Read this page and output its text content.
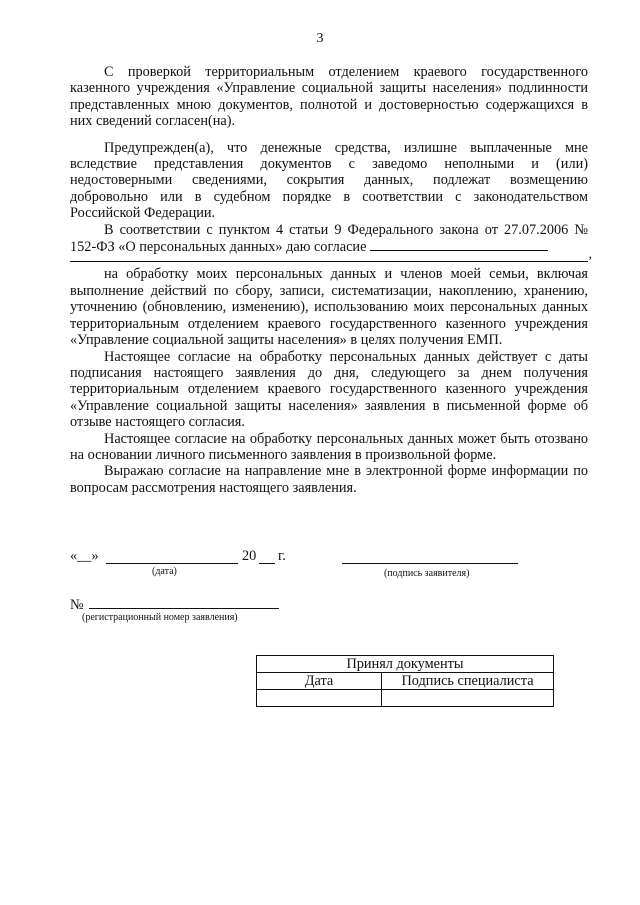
3

С проверкой территориальным отделением краевого государственного казенного учреждения «Управление социальной защиты населения» подлинности представленных мною документов, полнотой и достоверностью содержащихся в них сведений согласен(на).

Предупрежден(а), что денежные средства, излишне выплаченные мне вследствие представления документов с заведомо неполными и (или) недостоверными сведениями, сокрытия данных, подлежат возмещению добровольно или в судебном порядке в соответствии с законодательством Российской Федерации.

В соответствии с пунктом 4 статьи 9 Федерального закона от 27.07.2006 № 152-ФЗ «О персональных данных» даю согласие	,

на обработку моих персональных данных и членов моей семьи, включая выполнение действий по сбору, записи, систематизации, накоплению, хранению, уточнению (обновлению, изменению), использованию моих персональных данных территориальным отделением краевого государственного казенного учреждения «Управление социальной защиты населения» в целях получения ЕМП.

Настоящее согласие на обработку персональных данных действует с даты подписания настоящего заявления до дня, следующего за днем получения территориальным отделением краевого государственного казенного учреждения «Управление социальной защиты населения» заявления в письменной форме об отзыве настоящего согласия.

Настоящее согласие на обработку персональных данных может быть отозвано на основании личного письменного заявления в произвольной форме.

Выражаю согласие на направление мне в электронной форме информации по вопросам рассмотрения настоящего заявления.

«__»	20 г.
(дата)	(подпись заявителя)
№
(регистрационный номер заявления)
Принял документы	
Дата	Подпись специалиста
